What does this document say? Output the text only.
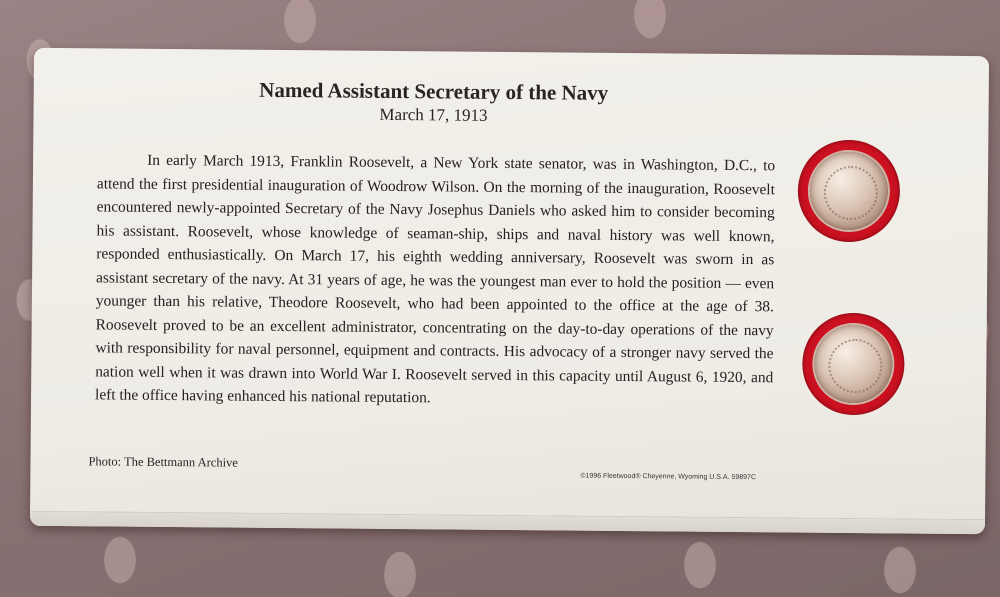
Named Assistant Secretary of the Navy
March 17, 1913
In early March 1913, Franklin Roosevelt, a New York state senator, was in Washington, D.C., to attend the first presidential inauguration of Woodrow Wilson. On the morning of the inauguration, Roosevelt encountered newly-appointed Secretary of the Navy Josephus Daniels who asked him to consider becoming his assistant. Roosevelt, whose knowledge of seaman-ship, ships and naval history was well known, responded enthusiastically. On March 17, his eighth wedding anniversary, Roosevelt was sworn in as assistant secretary of the navy. At 31 years of age, he was the youngest man ever to hold the position — even younger than his relative, Theodore Roosevelt, who had been appointed to the office at the age of 38. Roosevelt proved to be an excellent administrator, concentrating on the day-to-day operations of the navy with responsibility for naval personnel, equipment and contracts. His advocacy of a stronger navy served the nation well when it was drawn into World War I. Roosevelt served in this capacity until August 6, 1920, and left the office having enhanced his national reputation.
Photo: The Bettmann Archive
©1996 Fleetwood® Cheyenne, Wyoming U.S.A. 59897C
